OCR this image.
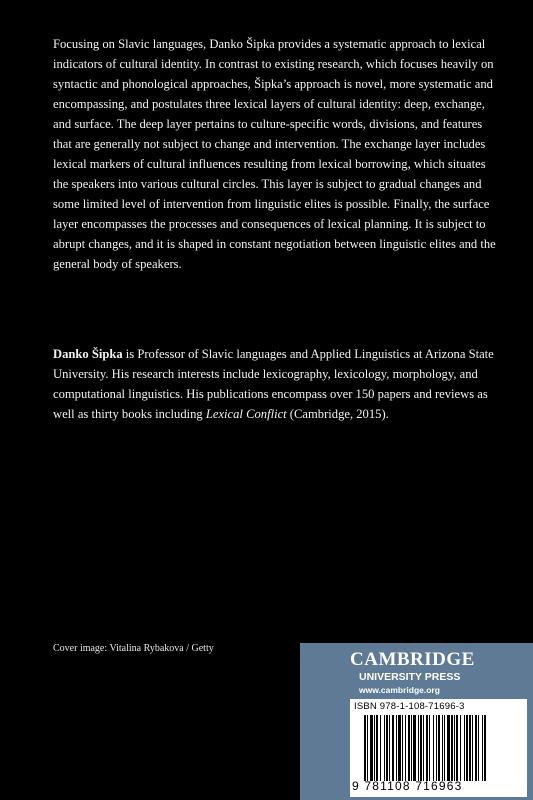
Focusing on Slavic languages, Danko Šipka provides a systematic approach to lexical indicators of cultural identity. In contrast to existing research, which focuses heavily on syntactic and phonological approaches, Šipka’s approach is novel, more systematic and encompassing, and postulates three lexical layers of cultural identity: deep, exchange, and surface. The deep layer pertains to culture-specific words, divisions, and features that are generally not subject to change and intervention. The exchange layer includes lexical markers of cultural influences resulting from lexical borrowing, which situates the speakers into various cultural circles. This layer is subject to gradual changes and some limited level of intervention from linguistic elites is possible. Finally, the surface layer encompasses the processes and consequences of lexical planning. It is subject to abrupt changes, and it is shaped in constant negotiation between linguistic elites and the general body of speakers.

Danko Šipka is Professor of Slavic languages and Applied Linguistics at Arizona State University. His research interests include lexicography, lexicology, morphology, and computational linguistics. His publications encompass over 150 papers and reviews as well as thirty books including Lexical Conflict (Cambridge, 2015).

Cover image: Vitalina Rybakova / Getty

CAMBRIDGE

UNIVERSITY PRESS

www.cambridge.org

ISBN 978-1-108-71696-3
9 781108 716963
